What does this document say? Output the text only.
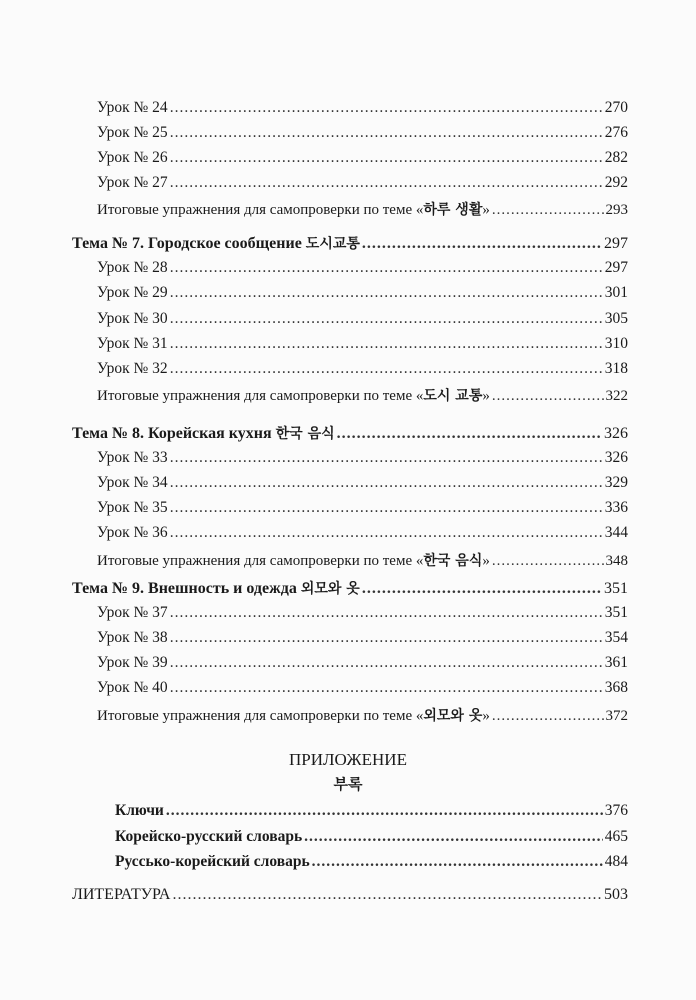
Урок № 24 .....	270
Урок № 25 .....	276
Урок № 26 .....	282
Урок № 27 .....	292
Итоговые упражнения для самопроверки по теме «하루 생활» .....	293
Тема № 7. Городское сообщение 도시교통 .....	297
Урок № 28 .....	297
Урок № 29 .....	301
Урок № 30 .....	305
Урок № 31 .....	310
Урок № 32 .....	318
Итоговые упражнения для самопроверки по теме «도시 교통» .....	322
Тема № 8. Корейская кухня 한국 음식 .....	326
Урок № 33 .....	326
Урок № 34 .....	329
Урок № 35 .....	336
Урок № 36 .....	344
Итоговые упражнения для самопроверки по теме «한국 음식» .....	348
Тема № 9. Внешность и одежда 외모와 옷 .....	351
Урок № 37 .....	351
Урок № 38 .....	354
Урок № 39 .....	361
Урок № 40 .....	368
Итоговые упражнения для самопроверки по теме «외모와 옷» .....	372
ПРИЛОЖЕНИЕ
부록
Ключи .....	376
Корейско-русский словарь .....	465
Руссько-корейский словарь .....	484
ЛИТЕРАТУРА .....	503
